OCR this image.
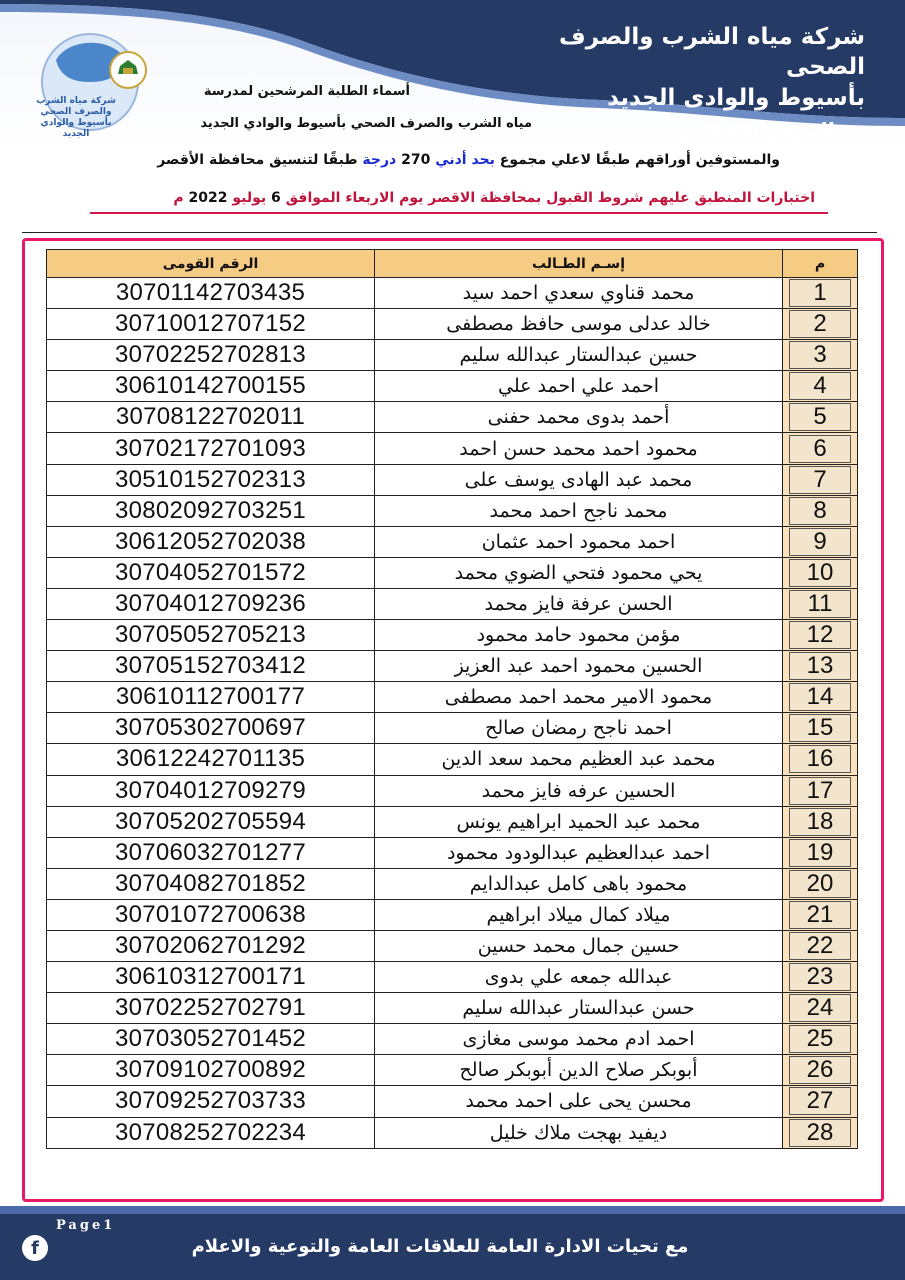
شركة مياه الشرب والصرف الصحي بأسيوط والوادي الجديد
شركة مياه الشرب والصرف الصحى
بأسيوط والوادى الجديد
المركز الإعلامي
أسماء الطلبة المرشحين لمدرسة
مياه الشرب والصرف الصحي بأسيوط والوادي الجديد
والمستوفين أوراقهم طبقًا لاعلي مجموع بحد أدني 270 درجة طبقًا لتنسيق محافظة الأقصر
اختبارات المنطبق عليهم شروط القبول بمحافظة الاقصر يوم الاربعاء الموافق 6 يوليو 2022 م
الرقم القومى	إسـم الطـالب	م
30701142703435	محمد قناوي سعدي احمد سيد	1
30710012707152	خالد عدلى موسى حافظ مصطفى	2
30702252702813	حسين عبدالستار عبدالله سليم	3
30610142700155	احمد علي احمد علي	4
30708122702011	أحمد بدوى محمد حفنى	5
30702172701093	محمود احمد محمد حسن احمد	6
30510152702313	محمد عبد الهادى يوسف على	7
30802092703251	محمد ناجح احمد محمد	8
30612052702038	احمد محمود احمد عثمان	9
30704052701572	يحي محمود فتحي الضوي محمد	10
30704012709236	الحسن عرفة فايز محمد	11
30705052705213	مؤمن محمود حامد محمود	12
30705152703412	الحسين محمود احمد عبد العزيز	13
30610112700177	محمود الامير محمد احمد مصطفى	14
30705302700697	احمد ناجح رمضان صالح	15
30612242701135	محمد عبد العظيم محمد سعد الدين	16
30704012709279	الحسين عرفه فايز محمد	17
30705202705594	محمد عبد الحميد ابراهيم يونس	18
30706032701277	احمد عبدالعظيم عبدالودود محمود	19
30704082701852	محمود باهى كامل عبدالدايم	20
30701072700638	ميلاد كمال ميلاد ابراهيم	21
30702062701292	حسين جمال محمد حسين	22
30610312700171	عبدالله جمعه علي بدوى	23
30702252702791	حسن عبدالستار عبدالله سليم	24
30703052701452	احمد ادم محمد موسى مغازى	25
30709102700892	أبوبكر صلاح الدين أبوبكر صالح	26
30709252703733	محسن يحى على احمد محمد	27
30708252702234	ديفيد بهجت ملاك خليل	28
Page1
f	مع تحيات الادارة العامة للعلاقات العامة والتوعية والاعلام
